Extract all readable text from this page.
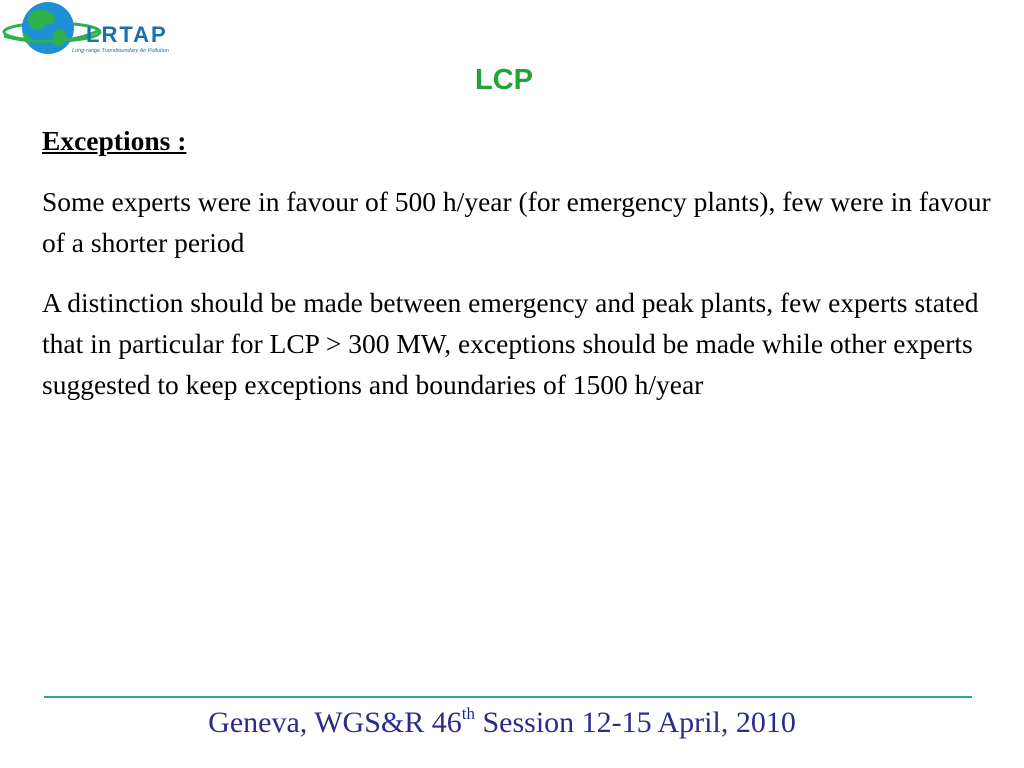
LRTAP
Long-range Transboundary Air Pollution
LCP

Exceptions :

Some experts were in favour of 500 h/year (for emergency plants), few were in favour of a shorter period

A distinction should be made between emergency and peak plants, few experts stated that in particular for LCP > 300 MW, exceptions should be made while other experts suggested to keep exceptions and boundaries of 1500 h/year

Geneva, WGS&R 46th Session 12-15 April, 2010
